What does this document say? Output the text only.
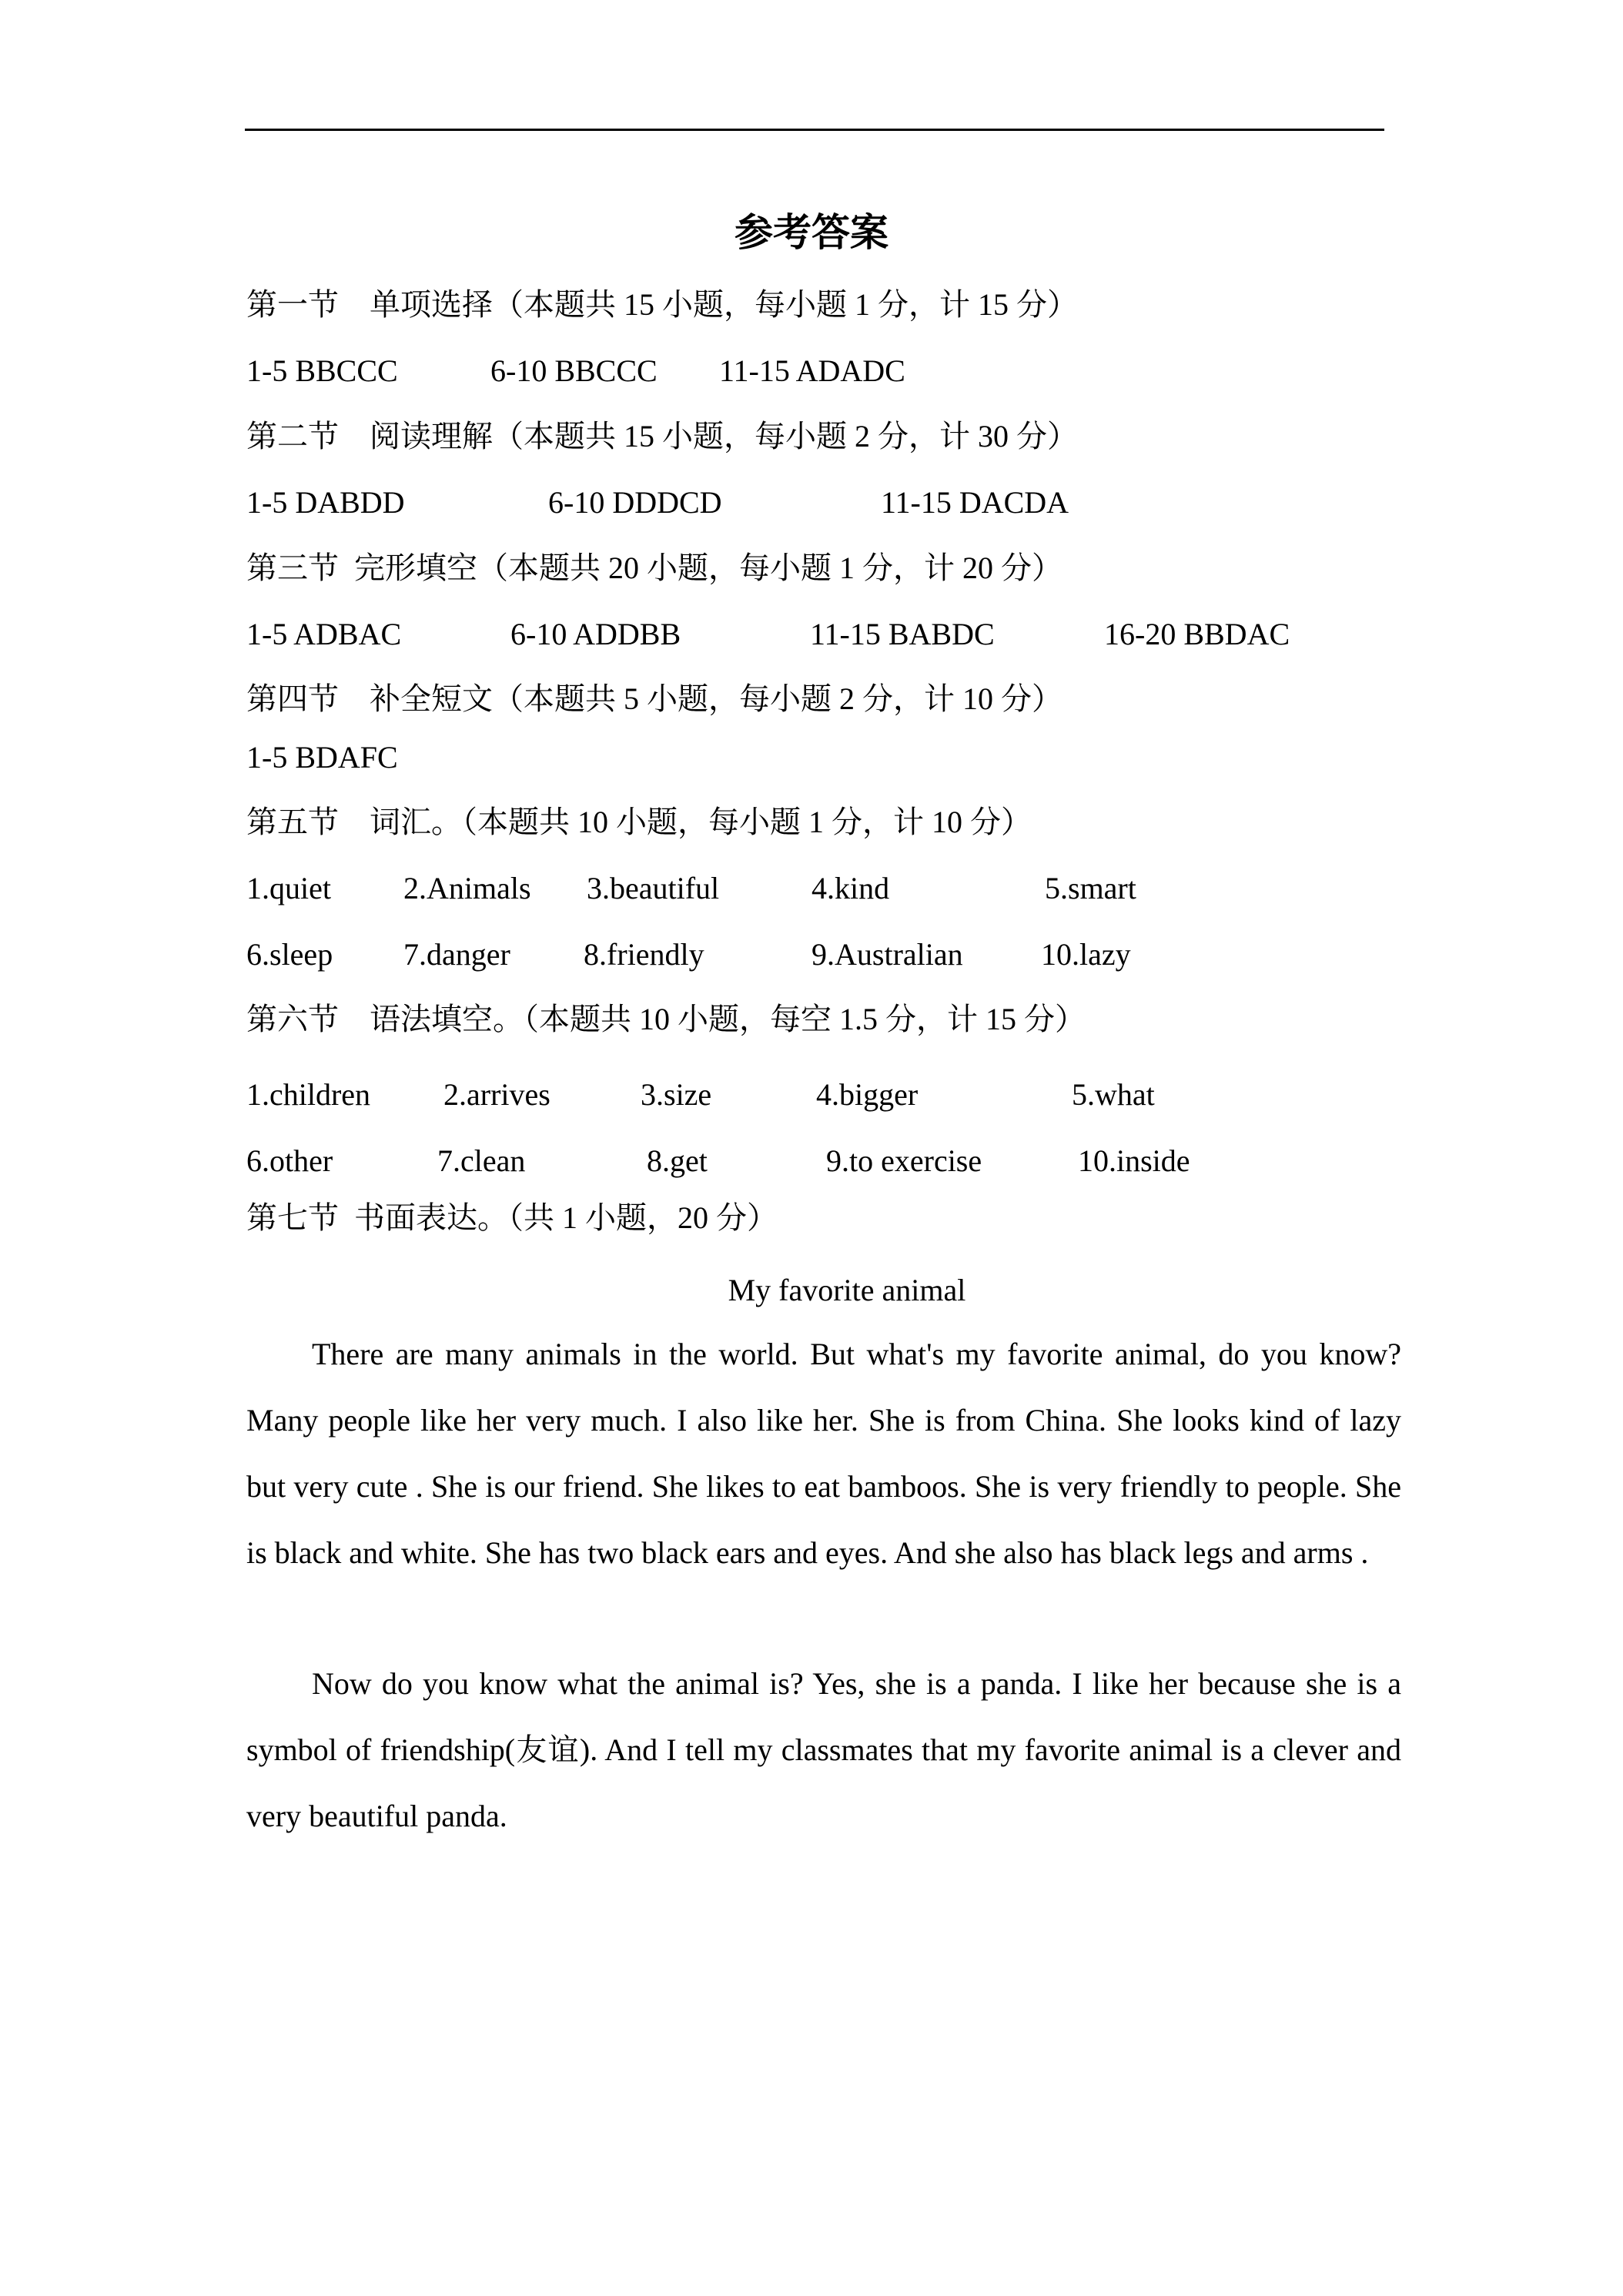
参考答案
第一节　单项选择（本题共 15 小题，每小题 1 分，计 15 分）
1-5 BBCCC	6-10 BBCCC 11-15 ADADC
第二节　阅读理解（本题共 15 小题，每小题 2 分，计 30 分）
1-5 DABDD	6-10 DDDCD	11-15 DACDA
第三节  完形填空（本题共 20 小题，每小题 1 分，计 20 分）
1-5 ADBAC	6-10 ADDBB	11-15 BABDC	16-20 BBDAC
第四节　补全短文（本题共 5 小题，每小题 2 分，计 10 分）
1-5 BDAFC
第五节　词汇。（本题共 10 小题，每小题 1 分，计 10 分）
1.quiet 2.Animals 3.beautiful	4.kind	5.smart
6.sleep 7.danger 8.friendly	9.Australian	10.lazy
第六节　语法填空。（本题共 10 小题，每空 1.5 分，计 15 分）
1.children 2.arrives	3.size	4.bigger	5.what
6.other	7.clean	8.get	9.to exercise	10.inside
第七节  书面表达。（共 1 小题，20 分）
My favorite animal

There are many animals in the world. But what's my favorite animal, do you know? Many people like her very much. I also like her. She is from China. She looks kind of lazy but very cute . She is our friend. She likes to eat bamboos. She is very friendly to people. She is black and white. She has two black ears and eyes. And she also has black legs and arms .

Now do you know what the animal is? Yes, she is a panda. I like her because she is a symbol of friendship(友谊). And I tell my classmates that my favorite animal is a clever and very beautiful panda.
